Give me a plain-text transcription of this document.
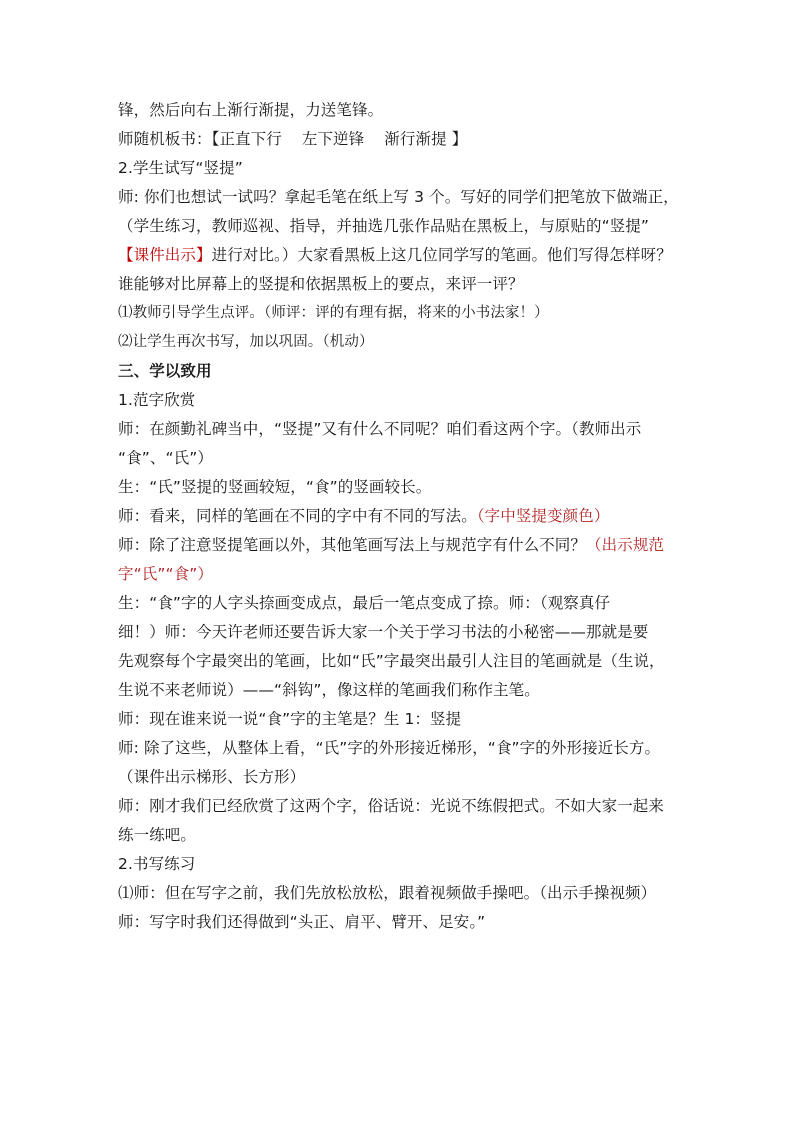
锋，然后向右上渐行渐提，力送笔锋。
师随机板书：【正直下行 左下逆锋 渐行渐提 】
2.学生试写“竖提”
师: 你们也想试一试吗？拿起毛笔在纸上写 3 个。写好的同学们把笔放下做端正，
（学生练习，教师巡视、指导，并抽选几张作品贴在黑板上，与原贴的“竖提”
【课件出示】进行对比。）大家看黑板上这几位同学写的笔画。他们写得怎样呀？
谁能够对比屏幕上的竖提和依据黑板上的要点，来评一评？
⑴教师引导学生点评。（师评：评的有理有据，将来的小书法家！）
⑵让学生再次书写，加以巩固。（机动）
三、学以致用
1.范字欣赏
师：在颜勤礼碑当中，“竖提”又有什么不同呢？咱们看这两个字。（教师出示
“食”、“氏”）
生：“氏”竖提的竖画较短，“食”的竖画较长。
师：看来，同样的笔画在不同的字中有不同的写法。（字中竖提变颜色）
师：除了注意竖提笔画以外，其他笔画写法上与规范字有什么不同？（出示规范
字“氏”“食”）
生：“食”字的人字头捺画变成点，最后一笔点变成了捺。师：（观察真仔
细！）师：今天许老师还要告诉大家一个关于学习书法的小秘密——那就是要
先观察每个字最突出的笔画，比如“氏”字最突出最引人注目的笔画就是（生说，
生说不来老师说）——“斜钩”，像这样的笔画我们称作主笔。
师：现在谁来说一说“食”字的主笔是？生 1：竖提
师: 除了这些，从整体上看，“氏”字的外形接近梯形，“食”字的外形接近长方。
（课件出示梯形、长方形）
师：刚才我们已经欣赏了这两个字，俗话说：光说不练假把式。不如大家一起来
练一练吧。
2.书写练习
⑴师：但在写字之前，我们先放松放松，跟着视频做手操吧。（出示手操视频）
师：写字时我们还得做到“头正、肩平、臂开、足安。”
